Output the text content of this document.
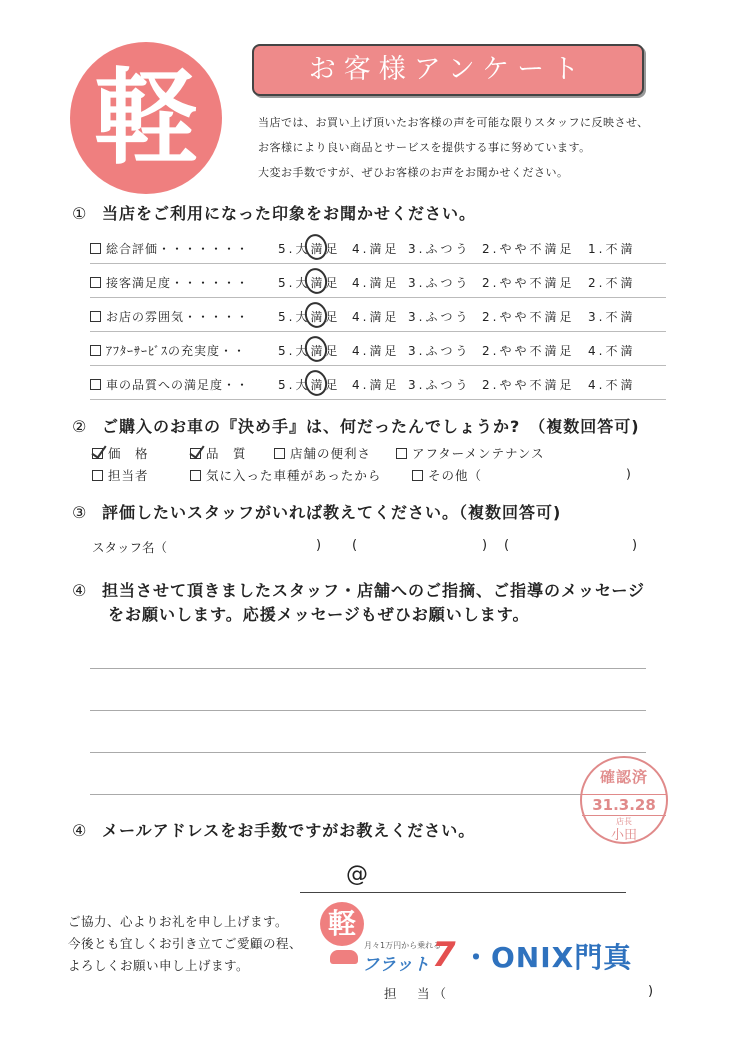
軽	お客様アンケート
当店では、お買い上げ頂いたお客様の声を可能な限りスタッフに反映させ、
お客様により良い商品とサービスを提供する事に努めています。
大変お手数ですが、ぜひお客様のお声をお聞かせください。
① 当店をご利用になった印象をお聞かせください。
総合評価・・・・・・・ 5.大満足 4.満足 3.ふつう 2.やや不満足 1.不満
接客満足度・・・・・・ 5.大満足 4.満足 3.ふつう 2.やや不満足 2.不満
お店の雰囲気・・・・・ 5.大満足 4.満足 3.ふつう 2.やや不満足 3.不満
ｱﾌﾀｰｻｰﾋﾞｽの充実度・・	5.大満足 4.満足 3.ふつう 2.やや不満足 4.不満
車の品質への満足度・・ 5.大満足 4.満足 3.ふつう 2.やや不満足 4.不満
② ご購入のお車の『決め手』は、何だったんでしょうか?　（複数回答可)
価　格	品　質	店舗の便利さ	アフターメンテナンス
担当者	気に入った車種があったから	その他（	)
③ 評価したいスタッフがいれば教えてください。（複数回答可)
スタッフ名（	) (	) (	)
④ 担当させて頂きましたスタッフ・店舗へのご指摘、ご指導のメッセージ
をお願いします。応援メッセージもぜひお願いします。
確認済
31.3.28
店長
小田
④ メールアドレスをお手数ですがお教えください。
@
ご協力、心よりお礼を申し上げます。
今後とも宜しくお引き立てご愛顧の程、
よろしくお願い申し上げます。
軽
月々1万円から乗れる
フラット 7 ・ONIX門真
担　当（	)
